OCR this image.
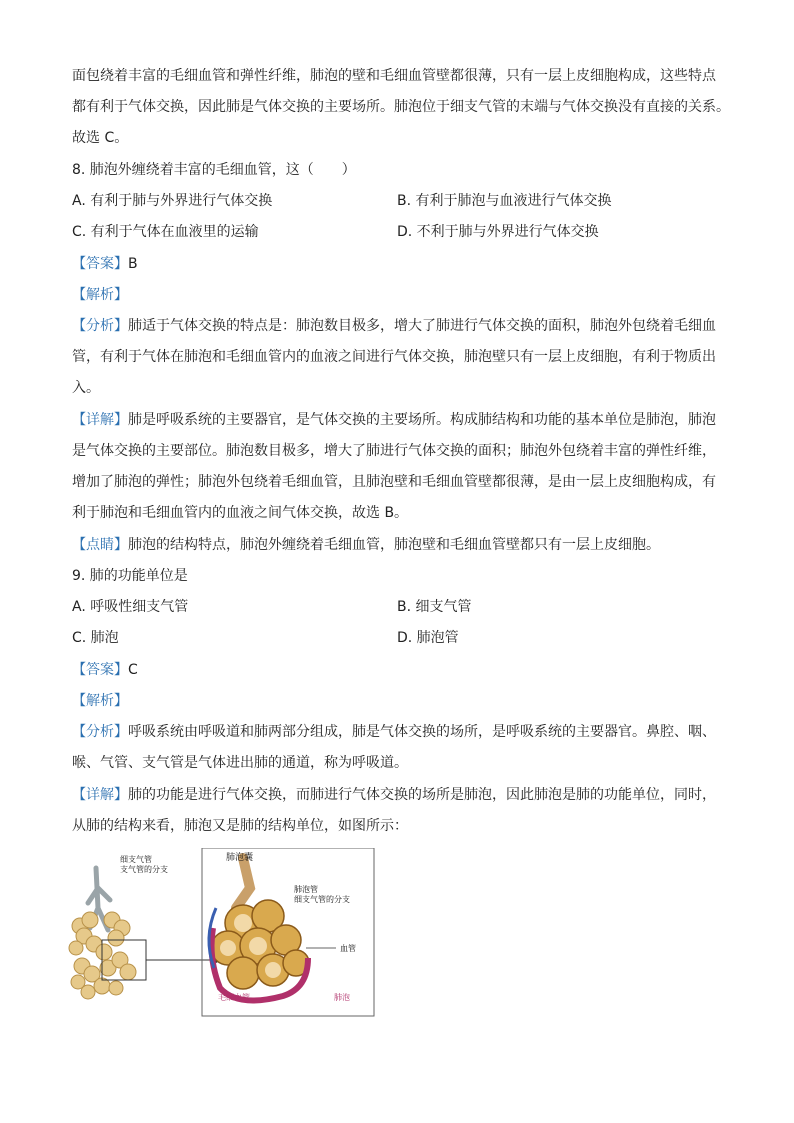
面包绕着丰富的毛细血管和弹性纤维，肺泡的壁和毛细血管壁都很薄，只有一层上皮细胞构成，这些特点
都有利于气体交换，因此肺是气体交换的主要场所。肺泡位于细支气管的末端与气体交换没有直接的关系。
故选 C。
8. 肺泡外缠绕着丰富的毛细血管，这（　　）
A. 有利于肺与外界进行气体交换	B. 有利于肺泡与血液进行气体交换
C. 有利于气体在血液里的运输	D. 不利于肺与外界进行气体交换
【答案】B
【解析】
【分析】肺适于气体交换的特点是：肺泡数目极多，增大了肺进行气体交换的面积，肺泡外包绕着毛细血
管，有利于气体在肺泡和毛细血管内的血液之间进行气体交换，肺泡壁只有一层上皮细胞，有利于物质出
入。
【详解】肺是呼吸系统的主要器官，是气体交换的主要场所。构成肺结构和功能的基本单位是肺泡，肺泡
是气体交换的主要部位。肺泡数目极多，增大了肺进行气体交换的面积；肺泡外包绕着丰富的弹性纤维，
增加了肺泡的弹性；肺泡外包绕着毛细血管，且肺泡壁和毛细血管壁都很薄，是由一层上皮细胞构成，有
利于肺泡和毛细血管内的血液之间气体交换，故选 B。
【点睛】肺泡的结构特点，肺泡外缠绕着毛细血管，肺泡壁和毛细血管壁都只有一层上皮细胞。
9. 肺的功能单位是
A. 呼吸性细支气管	B. 细支气管
C. 肺泡	D. 肺泡管
【答案】C
【解析】
【分析】呼吸系统由呼吸道和肺两部分组成，肺是气体交换的场所，是呼吸系统的主要器官。鼻腔、咽、
喉、气管、支气管是气体进出肺的通道，称为呼吸道。
【详解】肺的功能是进行气体交换，而肺进行气体交换的场所是肺泡，因此肺泡是肺的功能单位，同时，
从肺的结构来看，肺泡又是肺的结构单位，如图所示：
细支气管
支气管的分支
肺泡囊
肺泡管
细支气管的分支
血管
毛细血管	肺泡
